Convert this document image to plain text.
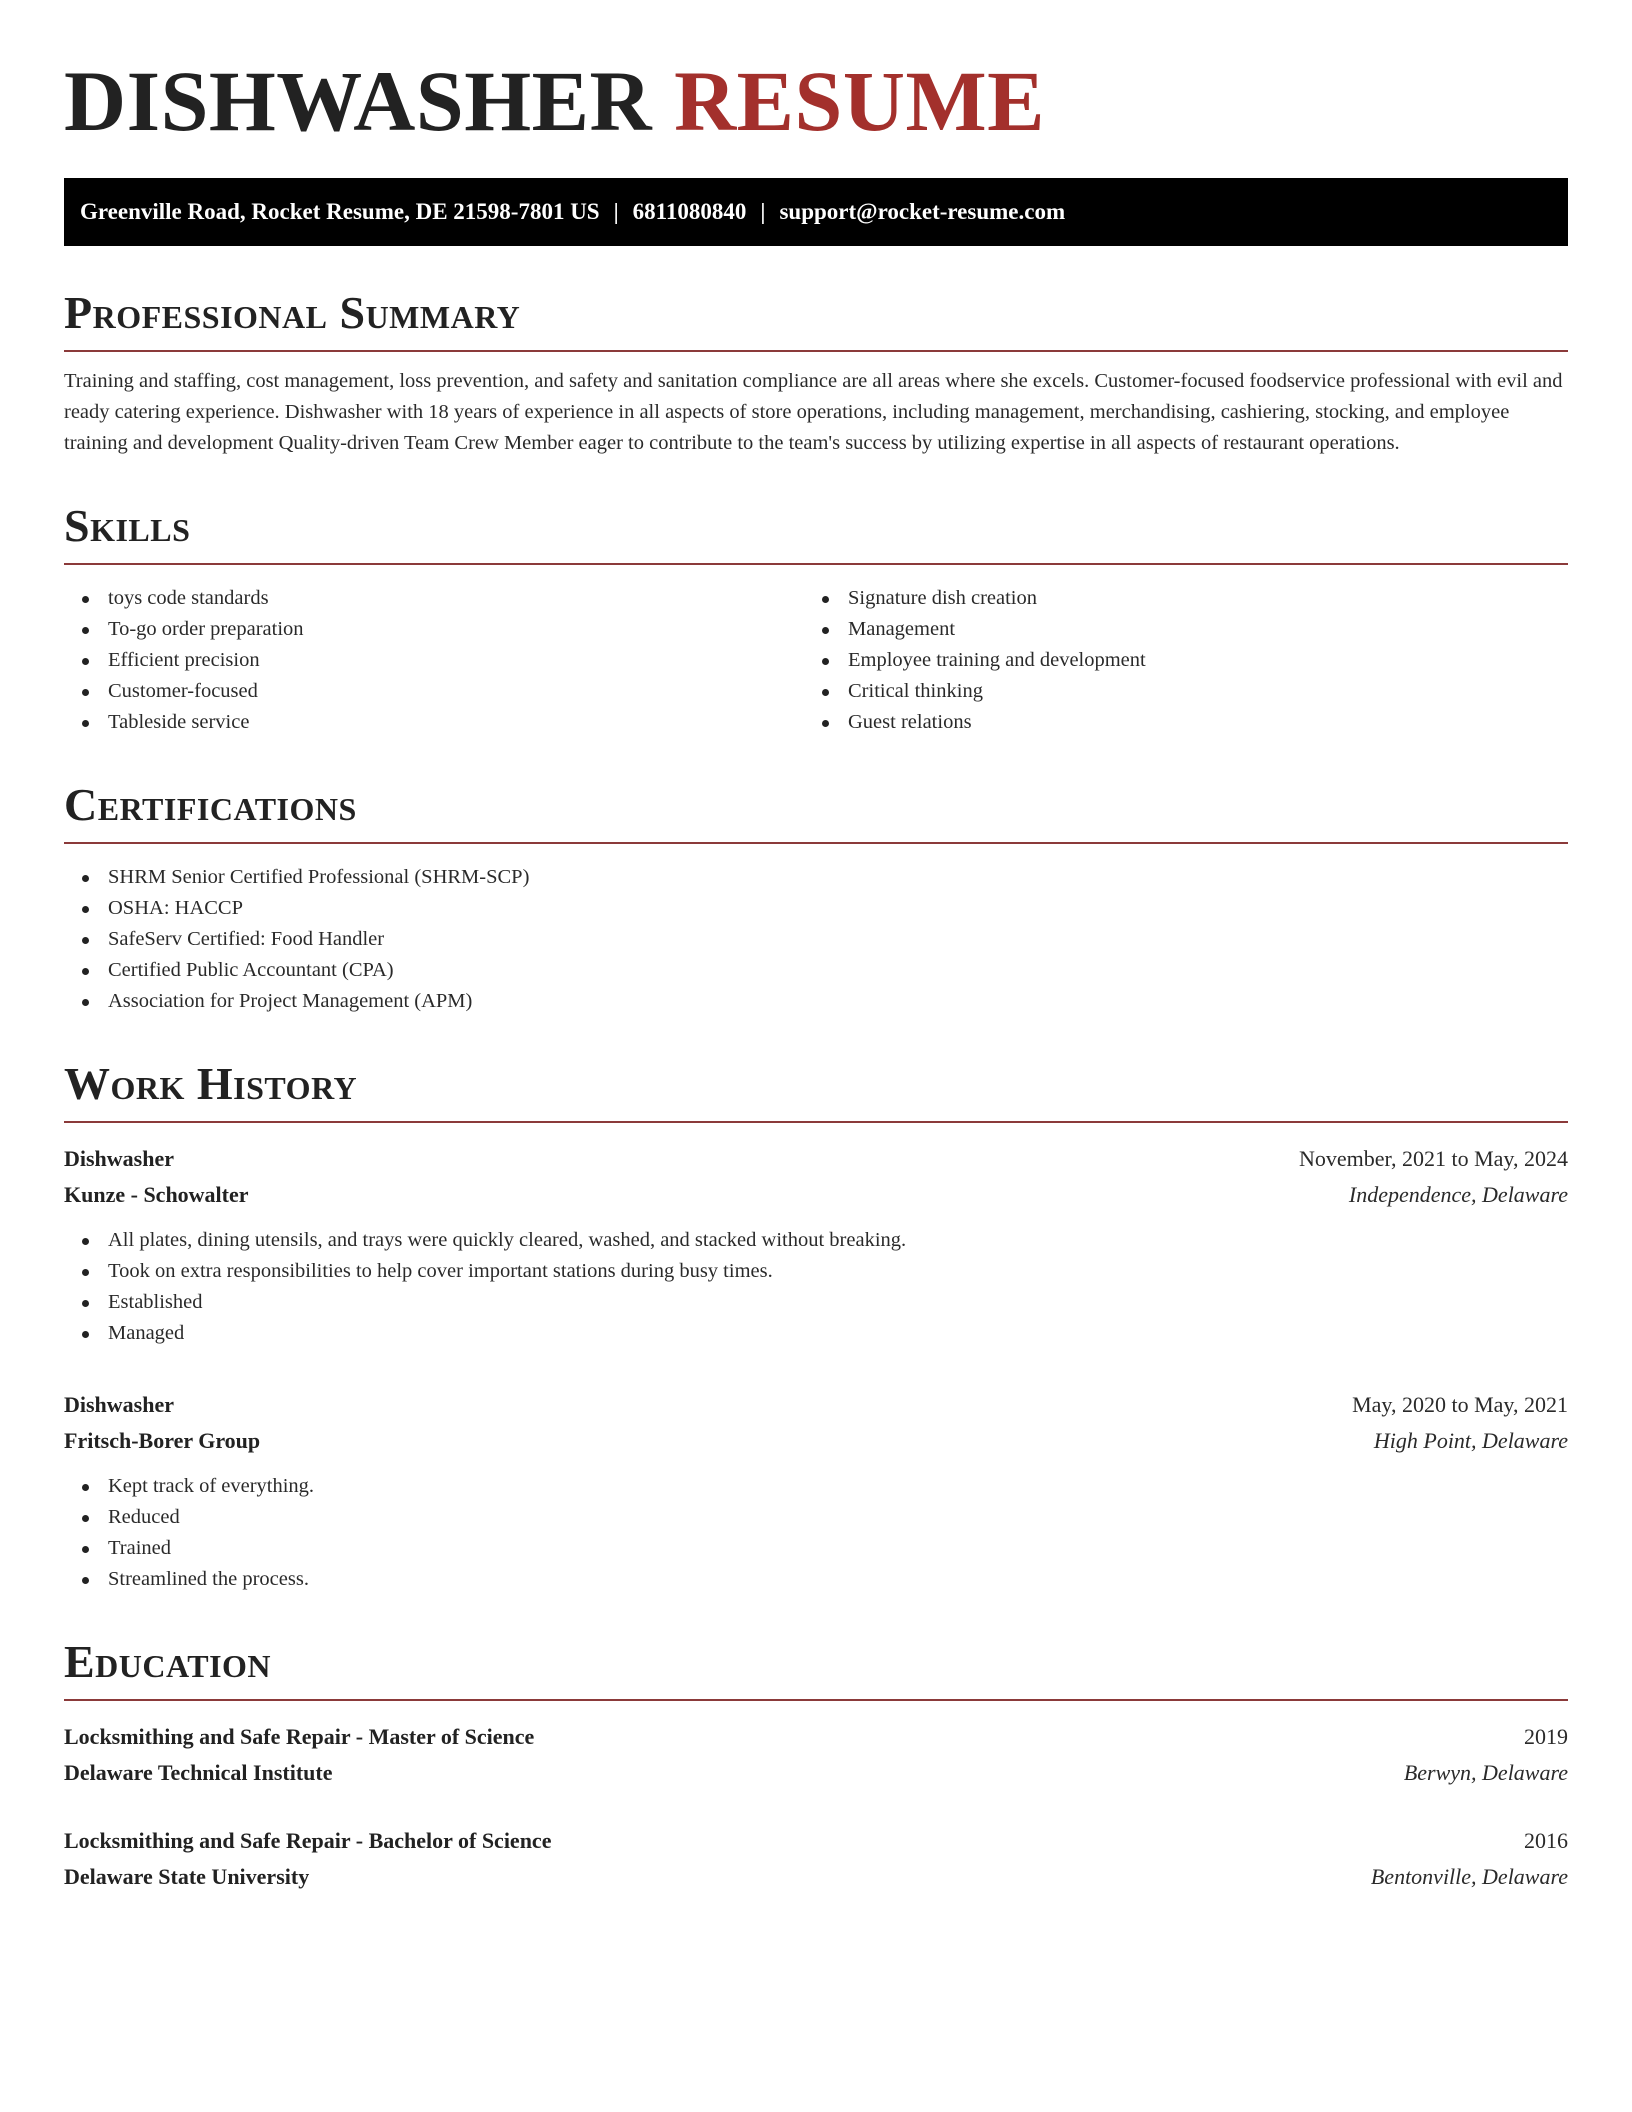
DISHWASHER RESUME
Greenville Road, Rocket Resume, DE 21598-7801 US | 6811080840 | support@rocket-resume.com
Professional Summary

Training and staffing, cost management, loss prevention, and safety and sanitation compliance are all areas where she excels. Customer-focused foodservice professional with evil and ready catering experience. Dishwasher with 18 years of experience in all aspects of store operations, including management, merchandising, cashiering, stocking, and employee training and development Quality-driven Team Crew Member eager to contribute to the team's success by utilizing expertise in all aspects of restaurant operations.

Skills
toys code standards
To-go order preparation
Efficient precision
Customer-focused
Tableside service
Signature dish creation
Management
Employee training and development
Critical thinking
Guest relations
Certifications
SHRM Senior Certified Professional (SHRM-SCP)
OSHA: HACCP
SafeServ Certified: Food Handler
Certified Public Accountant (CPA)
Association for Project Management (APM)
Work History
Dishwasher	November, 2021 to May, 2024
Kunze - Schowalter	Independence, Delaware
All plates, dining utensils, and trays were quickly cleared, washed, and stacked without breaking.
Took on extra responsibilities to help cover important stations during busy times.
Established
Managed
Dishwasher	May, 2020 to May, 2021
Fritsch-Borer Group	High Point, Delaware
Kept track of everything.
Reduced
Trained
Streamlined the process.
Education
Locksmithing and Safe Repair - Master of Science	2019
Delaware Technical Institute	Berwyn, Delaware
Locksmithing and Safe Repair - Bachelor of Science	2016
Delaware State University	Bentonville, Delaware
